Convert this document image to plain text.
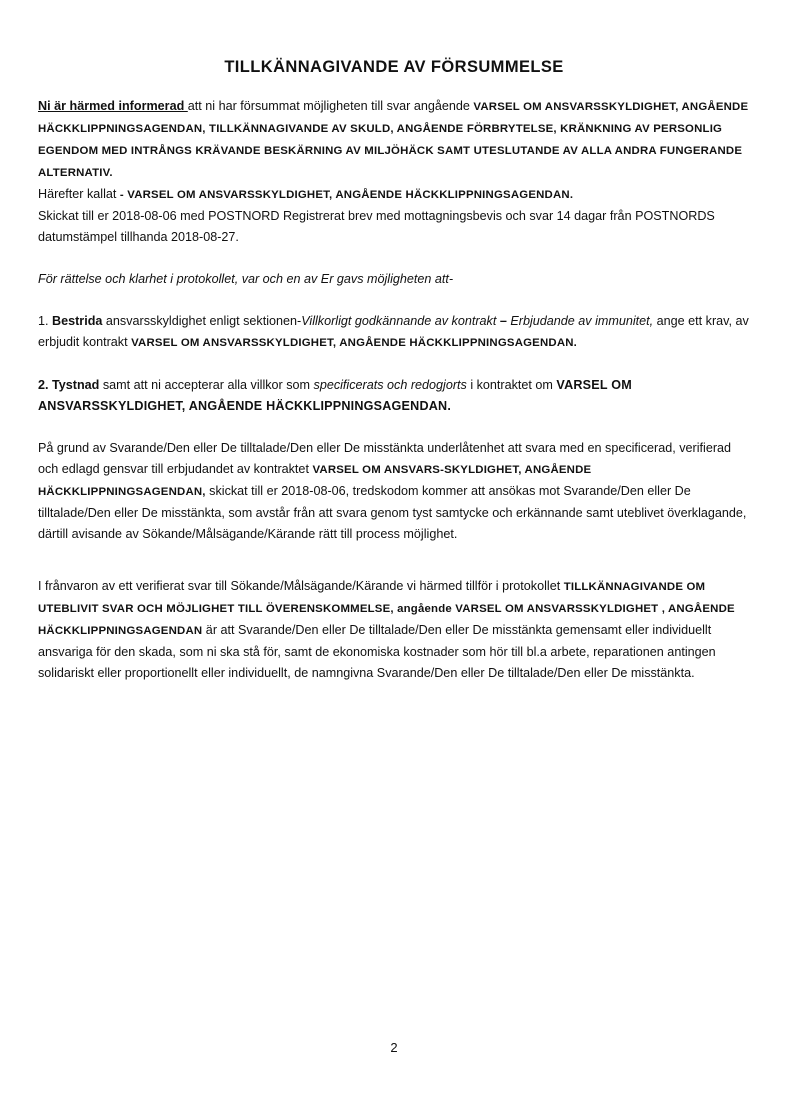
TILLKÄNNAGIVANDE AV FÖRSUMMELSE

Ni är härmed informerad att ni har försummat möjligheten till svar angående VARSEL OM ANSVARSSKYLDIGHET, ANGÅENDE HÄCKKLIPPNINGSAGENDAN, TILLKÄNNAGIVANDE AV SKULD, ANGÅENDE FÖRBRYTELSE, KRÄNKNING AV PERSONLIG EGENDOM MED INTRÅNGS KRÄVANDE BESKÄRNING AV MILJÖHÄCK SAMT UTESLUTANDE AV ALLA ANDRA FUNGERANDE ALTERNATIV.
Härefter kallat - VARSEL OM ANSVARSSKYLDIGHET, ANGÅENDE HÄCKKLIPPNINGSAGENDAN.
Skickat till er 2018-08-06 med POSTNORD Registrerat brev med mottagningsbevis och svar 14 dagar från POSTNORDS datumstämpel tillhanda 2018-08-27.

För rättelse och klarhet i protokollet, var och en av Er gavs möjligheten att-

1. Bestrida ansvarsskyldighet enligt sektionen-Villkorligt godkännande av kontrakt – Erbjudande av immunitet, ange ett krav, av erbjudit kontrakt VARSEL OM ANSVARSSKYLDIGHET, ANGÅENDE HÄCKKLIPPNINGSAGENDAN.

2. Tystnad samt att ni accepterar alla villkor som specificerats och redogjorts i kontraktet om VARSEL OM ANSVARSSKYLDIGHET, ANGÅENDE HÄCKKLIPPNINGSAGENDAN.

På grund av Svarande/Den eller De tilltalade/Den eller De misstänkta underlåtenhet att svara med en specificerad, verifierad och edlagd gensvar till erbjudandet av kontraktet VARSEL OM ANSVARS-SKYLDIGHET, ANGÅENDE HÄCKKLIPPNINGSAGENDAN, skickat till er 2018-08-06, tredskodom kommer att ansökas mot Svarande/Den eller De tilltalade/Den eller De misstänkta, som avstår från att svara genom tyst samtycke och erkännande samt uteblivet överklagande, därtill avisande av Sökande/Målsägande/Kärande rätt till process möjlighet.

I frånvaron av ett verifierat svar till Sökande/Målsägande/Kärande vi härmed tillför i protokollet TILLKÄNNAGIVANDE OM UTEBLIVIT SVAR OCH MÖJLIGHET TILL ÖVERENSKOMMELSE, angående VARSEL OM ANSVARSSKYLDIGHET , ANGÅENDE HÄCKKLIPPNINGSAGENDAN är att Svarande/Den eller De tilltalade/Den eller De misstänkta gemensamt eller individuellt ansvariga för den skada, som ni ska stå för, samt de ekonomiska kostnader som hör till bl.a arbete, reparationen antingen solidariskt eller proportionellt eller individuellt, de namngivna Svarande/Den eller De tilltalade/Den eller De misstänkta.

2
